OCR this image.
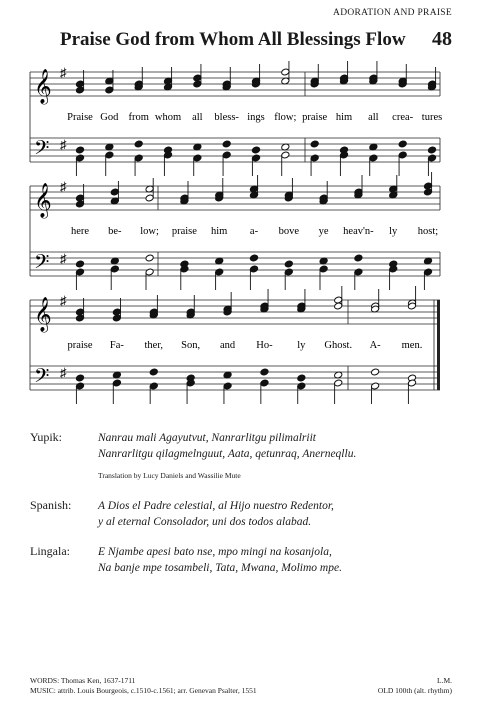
ADORATION AND PRAISE
Praise God from Whom All Blessings Flow 48
𝄞
𝄢
♯
♯
Praise God from whom all bless- ings flow; praise him all crea- tures
𝄞
𝄢
♯
♯
here be- low; praise him a- bove ye heav'n- ly host;
𝄞
𝄢
♯
♯
praise Fa- ther, Son, and Ho- ly Ghost. A- men.
Yupik:	Nanrau mali Agayutvut, Nanrarlitgu pilimalriit
Nanrarlitgu qilagmelnguut, Aata, qetunraq, Anerneqllu.
Translation by Lucy Daniels and Wassilie Mute
Spanish:	A Dios el Padre celestial, al Hijo nuestro Redentor,
y al eternal Consolador, uni dos todos alabad.
Lingala:	E Njambe apesi bato nse, mpo mingi na kosanjola,
Na banje mpe tosambeli, Tata, Mwana, Molimo mpe.
WORDS: Thomas Ken, 1637-1711
MUSIC: attrib. Louis Bourgeois, c.1510-c.1561; arr. Genevan Psalter, 1551
L.M.
OLD 100th (alt. rhythm)
